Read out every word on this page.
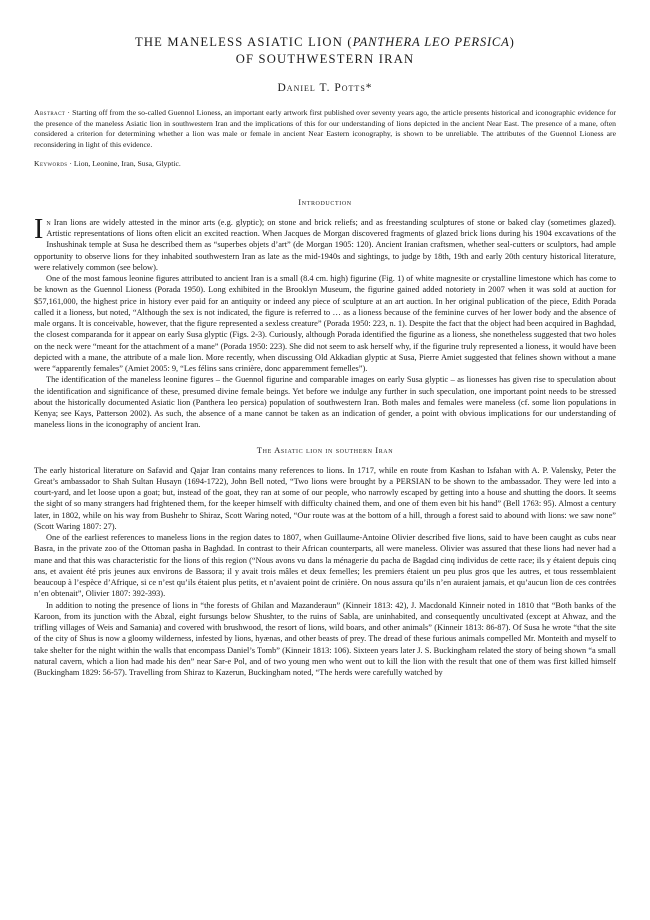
THE MANELESS ASIATIC LION (PANTHERA LEO PERSICA)
OF SOUTHWESTERN IRAN
Daniel T. Potts*

Abstract · Starting off from the so-called Guennol Lioness, an important early artwork first published over seventy years ago, the article presents historical and iconographic evidence for the presence of the maneless Asiatic lion in southwestern Iran and the implications of this for our understanding of lions depicted in the ancient Near East. The presence of a mane, often considered a criterion for determining whether a lion was male or female in ancient Near Eastern iconography, is shown to be unreliable. The attributes of the Guennol Lioness are reconsidering in light of this evidence.

Keywords · Lion, Leonine, Iran, Susa, Glyptic.

Introduction

In Iran lions are widely attested in the minor arts (e.g. glyptic); on stone and brick reliefs; and as freestanding sculptures of stone or baked clay (sometimes glazed). Artistic representations of lions often elicit an excited reaction. When Jacques de Morgan discovered fragments of glazed brick lions during his 1904 excavations of the Inshushinak temple at Susa he described them as “superbes objets d’art” (de Morgan 1905: 120). Ancient Iranian craftsmen, whether seal-cutters or sculptors, had ample opportunity to observe lions for they inhabited southwestern Iran as late as the mid-1940s and sightings, to judge by 18th, 19th and early 20th century historical literature, were relatively common (see below).

One of the most famous leonine figures attributed to ancient Iran is a small (8.4 cm. high) figurine (Fig. 1) of white magnesite or crystalline limestone which has come to be known as the Guennol Lioness (Porada 1950). Long exhibited in the Brooklyn Museum, the figurine gained added notoriety in 2007 when it was sold at auction for $57,161,000, the highest price in history ever paid for an antiquity or indeed any piece of sculpture at an art auction. In her original publication of the piece, Edith Porada called it a lioness, but noted, “Although the sex is not indicated, the figure is referred to … as a lioness because of the feminine curves of her lower body and the absence of male organs. It is conceivable, however, that the figure represented a sexless creature” (Porada 1950: 223, n. 1). Despite the fact that the object had been acquired in Baghdad, the closest comparanda for it appear on early Susa glyptic (Figs. 2-3). Curiously, although Porada identified the figurine as a lioness, she nonetheless suggested that two holes on the neck were “meant for the attachment of a mane” (Porada 1950: 223). She did not seem to ask herself why, if the figurine truly represented a lioness, it would have been depicted with a mane, the attribute of a male lion. More recently, when discussing Old Akkadian glyptic at Susa, Pierre Amiet suggested that felines shown without a mane were “apparently females” (Amiet 2005: 9, “Les félins sans crinière, donc apparemment femelles”).

The identification of the maneless leonine figures – the Guennol figurine and comparable images on early Susa glyptic – as lionesses has given rise to speculation about the identification and significance of these, presumed divine female beings. Yet before we indulge any further in such speculation, one important point needs to be stressed about the historically documented Asiatic lion (Panthera leo persica) population of southwestern Iran. Both males and females were maneless (cf. some lion populations in Kenya; see Kays, Patterson 2002). As such, the absence of a mane cannot be taken as an indication of gender, a point with obvious implications for our understanding of maneless lions in the iconography of ancient Iran.

The Asiatic lion in southern Iran

The early historical literature on Safavid and Qajar Iran contains many references to lions. In 1717, while en route from Kashan to Isfahan with A. P. Valensky, Peter the Great’s ambassador to Shah Sultan Husayn (1694-1722), John Bell noted, “Two lions were brought by a PERSIAN to be shown to the ambassador. They were led into a court-yard, and let loose upon a goat; but, instead of the goat, they ran at some of our people, who narrowly escaped by getting into a house and shutting the doors. It seems the sight of so many strangers had frightened them, for the keeper himself with difficulty chained them, and one of them even bit his hand” (Bell 1763: 95). Almost a century later, in 1802, while on his way from Bushehr to Shiraz, Scott Waring noted, “Our route was at the bottom of a hill, through a forest said to abound with lions: we saw none” (Scott Waring 1807: 27).

One of the earliest references to maneless lions in the region dates to 1807, when Guillaume-Antoine Olivier described five lions, said to have been caught as cubs near Basra, in the private zoo of the Ottoman pasha in Baghdad. In contrast to their African counterparts, all were maneless. Olivier was assured that these lions had never had a mane and that this was characteristic for the lions of this region (“Nous avons vu dans la ménagerie du pacha de Bagdad cinq individus de cette race; ils y étaient depuis cinq ans, et avaient été pris jeunes aux environs de Bassora; il y avait trois mâles et deux femelles; les premiers étaient un peu plus gros que les autres, et tous ressemblaient beaucoup à l’espèce d’Afrique, si ce n’est qu’ils étaient plus petits, et n’avaient point de crinière. On nous assura qu’ils n’en auraient jamais, et qu’aucun lion de ces contrées n’en obtenait”, Olivier 1807: 392-393).

In addition to noting the presence of lions in “the forests of Ghilan and Mazanderaun” (Kinneir 1813: 42), J. Macdonald Kinneir noted in 1810 that “Both banks of the Karoon, from its junction with the Abzal, eight fursungs below Shushter, to the ruins of Sabla, are uninhabited, and consequently uncultivated (except at Ahwaz, and the trifling villages of Weis and Samania) and covered with brushwood, the resort of lions, wild boars, and other animals” (Kinneir 1813: 86-87). Of Susa he wrote “that the site of the city of Shus is now a gloomy wilderness, infested by lions, hyænas, and other beasts of prey. The dread of these furious animals compelled Mr. Monteith and myself to take shelter for the night within the walls that encompass Daniel’s Tomb” (Kinneir 1813: 106). Sixteen years later J. S. Buckingham related the story of being shown “a small natural cavern, which a lion had made his den” near Sar-e Pol, and of two young men who went out to kill the lion with the result that one of them was first killed himself (Buckingham 1829: 56-57). Travelling from Shiraz to Kazerun, Buckingham noted, “The herds were carefully watched by
